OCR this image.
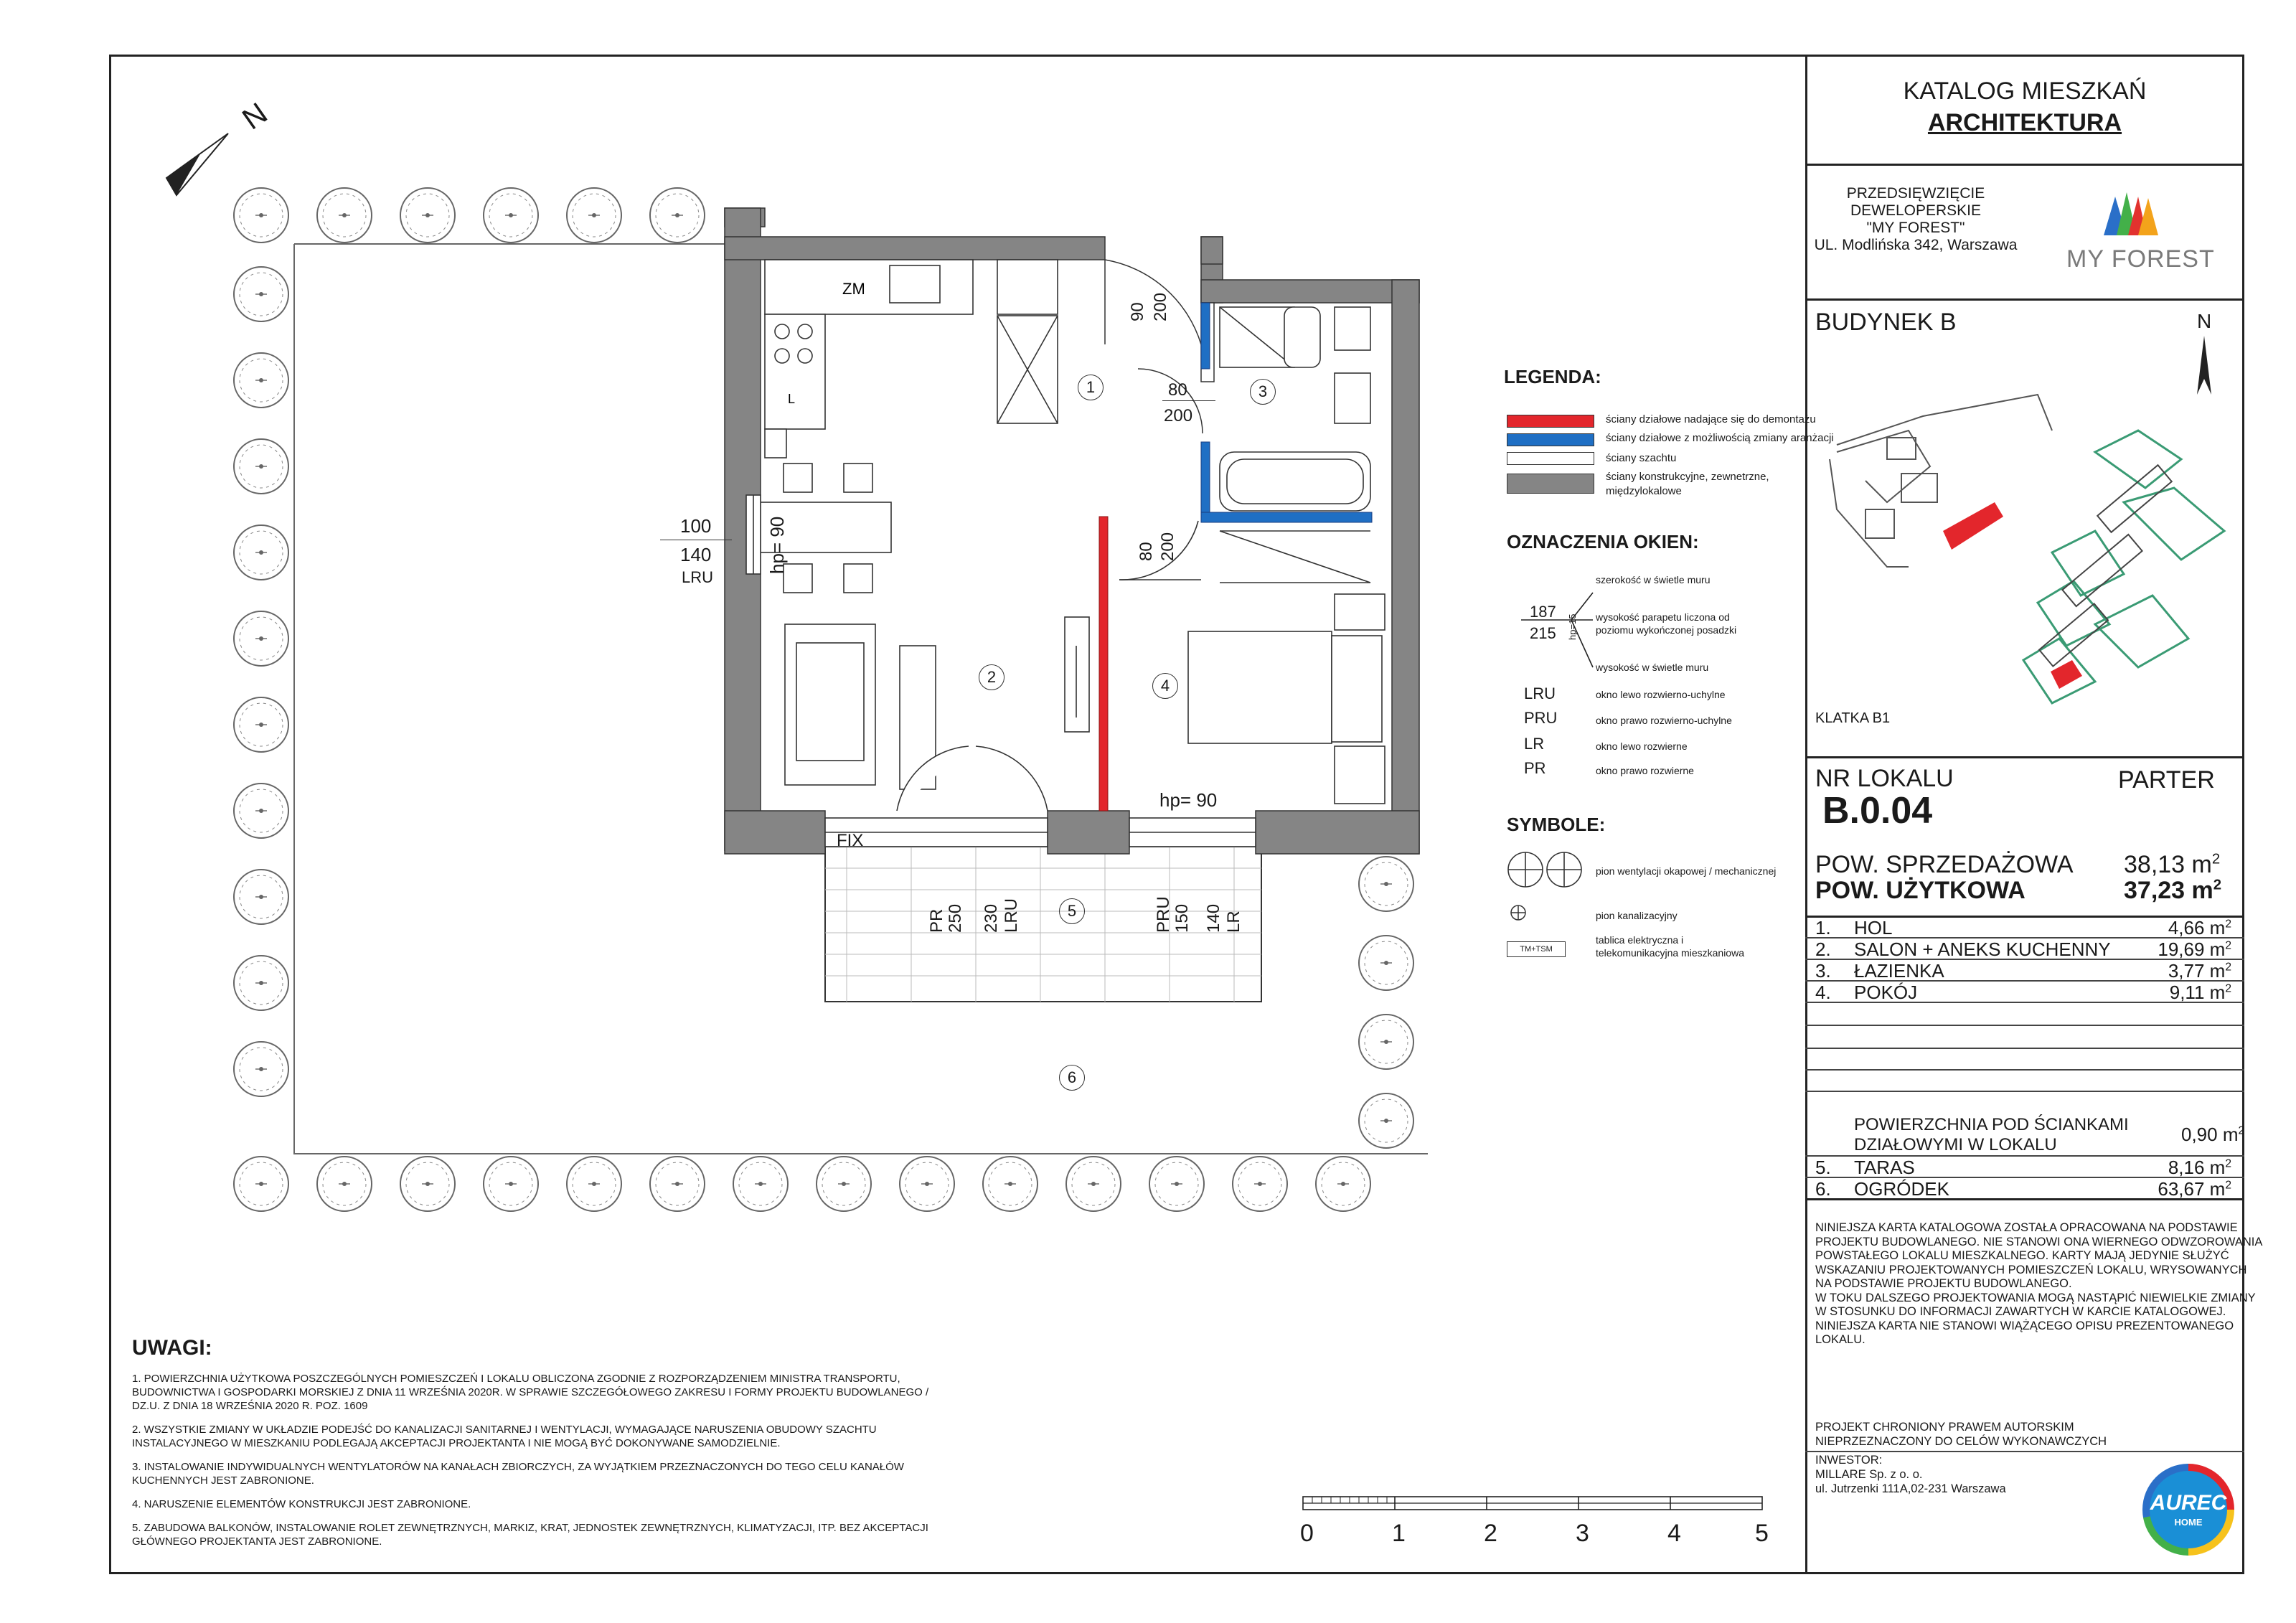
KATALOG MIESZKAŃ
ARCHITEKTURA
PRZEDSIĘWZIĘCIE
DEWELOPERSKIE
"MY FOREST"
UL. Modlińska 342, Warszawa
MY FOREST
BUDYNEK B	N
KLATKA B1
NR LOKALU	PARTER
B.0.04
POW. SPRZEDAŻOWA 38,13 $m^2$
POW. UŻYTKOWA	37,23 $m^2$
1. HOL	4,66 $m^2$
2. SALON + ANEKS KUCHENNY	19,69 $m^2$
3. ŁAZIENKA	3,77 $m^2$
4. POKÓJ	9,11 $m^2$
POWIERZCHNIA POD ŚCIANKAMI
DZIAŁOWYMI W LOKALU	0,90 $m^2$
5. TARAS	8,16 $m^2$
6. OGRÓDEK	63,67 $m^2$
NINIEJSZA KARTA KATALOGOWA ZOSTAŁA OPRACOWANA NA PODSTAWIE
PROJEKTU BUDOWLANEGO. NIE STANOWI ONA WIERNEGO ODWZOROWANIA
POWSTAŁEGO LOKALU MIESZKALNEGO. KARTY MAJĄ JEDYNIE SŁUŻYĆ
WSKAZANIU PROJEKTOWANYCH POMIESZCZEŃ LOKALU, WRYSOWANYCH
NA PODSTAWIE PROJEKTU BUDOWLANEGO.
W TOKU DALSZEGO PROJEKTOWANIA MOGĄ NASTĄPIĆ NIEWIELKIE ZMIANY
W STOSUNKU DO INFORMACJI ZAWARTYCH W KARCIE KATALOGOWEJ.
NINIEJSZA KARTA NIE STANOWI WIĄŻĄCEGO OPISU PREZENTOWANEGO
LOKALU.
PROJEKT CHRONIONY PRAWEM AUTORSKIM
NIEPRZEZNACZONY DO CELÓW WYKONAWCZYCH
INWESTOR:
MILLARE Sp. z o. o.
ul. Jutrzenki 111A,02-231 Warszawa
AUREC
HOME
LEGENDA:
ściany działowe nadające się do demontażu
ściany działowe z możliwością zmiany aranżacji
ściany szachtu
ściany konstrukcyjne, zewnetrzne,
międzylokalowe
OZNACZENIA OKIEN:
szerokość w świetle muru
187
215 hp=15 wysokość parapetu liczona od
poziomu wykończonej posadzki
wysokość w świetle muru
LRU	okno lewo rozwierno-uchylne
PRU	okno prawo rozwierno-uchylne
LR	okno lewo rozwierne
PR	okno prawo rozwierne
SYMBOLE:
pion wentylacji okapowej / mechanicznej
pion kanalizacyjny
TM+TSM
tablica elektryczna i
telekomunikacyjna mieszkaniowa
UWAGI:

1. POWIERZCHNIA UŻYTKOWA POSZCZEGÓLNYCH POMIESZCZEŃ I LOKALU OBLICZONA ZGODNIE Z ROZPORZĄDZENIEM MINISTRA TRANSPORTU, BUDOWNICTWA I GOSPODARKI MORSKIEJ Z DNIA 11 WRZEŚNIA 2020R. W SPRAWIE SZCZEGÓŁOWEGO ZAKRESU I FORMY PROJEKTU BUDOWLANEGO / DZ.U. Z DNIA 18 WRZEŚNIA 2020 R. POZ. 1609

2. WSZYSTKIE ZMIANY W UKŁADZIE PODEJŚĆ DO KANALIZACJI SANITARNEJ I WENTYLACJI, WYMAGAJĄCE NARUSZENIA OBUDOWY SZACHTU INSTALACYJNEGO W MIESZKANIU PODLEGAJĄ AKCEPTACJI PROJEKTANTA I NIE MOGĄ BYĆ DOKONYWANE SAMODZIELNIE.

3. INSTALOWANIE INDYWIDUALNYCH WENTYLATORÓW NA KANAŁACH ZBIORCZYCH, ZA WYJĄTKIEM PRZEZNACZONYCH DO TEGO CELU KANAŁÓW KUCHENNYCH JEST ZABRONIONE.

4. NARUSZENIE ELEMENTÓW KONSTRUKCJI JEST ZABRONIONE.

5. ZABUDOWA BALKONÓW, INSTALOWANIE ROLET ZEWNĘTRZNYCH, MARKIZ, KRAT, JEDNOSTEK ZEWNĘTRZNYCH, KLIMATYZACJI, ITP. BEZ AKCEPTACJI GŁÓWNEGO PROJEKTANTA JEST ZABRONIONE.	0	1	2	3	4	5
ZM
L
N
1
2
3
4
5
6
100
140
LRU
hp= 90
90 200
80
200
80 200
hp= 90
FIX
PR 250 230 LRU	PRU 150 140 LR
